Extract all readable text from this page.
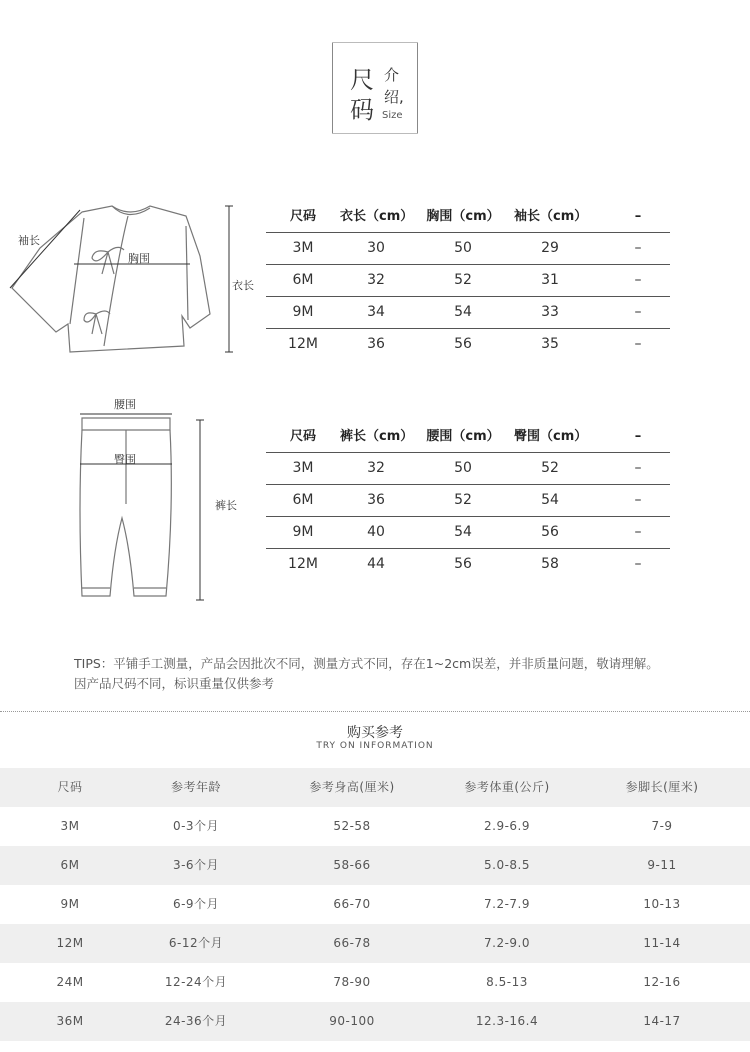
尺
码
介
绍,
Size
袖长
胸围
衣长
尺码	衣长（cm）	胸围（cm）	袖长（cm）	–
3M	30	50	29	–
6M	32	52	31	–
9M	34	54	33	–
12M	36	56	35	–
腰围
臀围
裤长
尺码	裤长（cm）	腰围（cm）	臀围（cm）	–
3M	32	50	52	–
6M	36	52	54	–
9M	40	54	56	–
12M	44	56	58	–
TIPS：平铺手工测量，产品会因批次不同，测量方式不同，存在1~2cm误差，并非质量问题，敬请理解。
因产品尺码不同，标识重量仅供参考
购买参考
TRY ON INFORMATION
尺码	参考年龄	参考身高(厘米)	参考体重(公斤)	参脚长(厘米)
3M	0-3个月	52-58	2.9-6.9	7-9
6M	3-6个月	58-66	5.0-8.5	9-11
9M	6-9个月	66-70	7.2-7.9	10-13
12M	6-12个月	66-78	7.2-9.0	11-14
24M	12-24个月	78-90	8.5-13	12-16
36M	24-36个月	90-100	12.3-16.4	14-17
